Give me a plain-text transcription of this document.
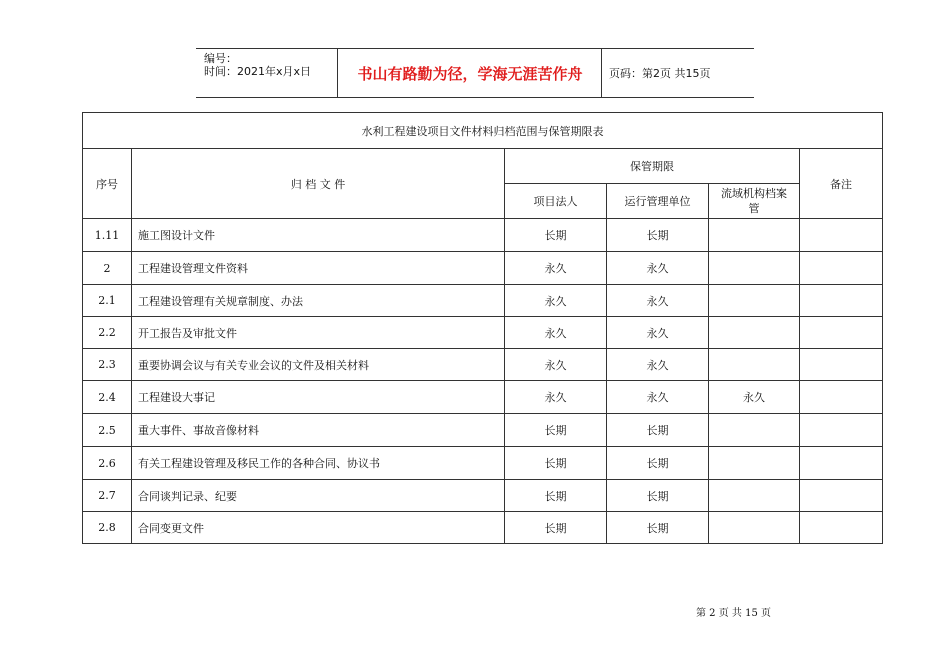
编号：
时间：2021年x月x日	书山有路勤为径，学海无涯苦作舟	页码：第2页 共15页
水利工程建设项目文件材料归档范围与保管期限表					
序号	归 档 文 件	保管期限			备注
		项目法人	运行管理单位	流域机构档案管	
1.11	施工图设计文件	长期	长期		
2	工程建设管理文件资料	永久	永久		
2.1	工程建设管理有关规章制度、办法	永久	永久		
2.2	开工报告及审批文件	永久	永久		
2.3	重要协调会议与有关专业会议的文件及相关材料	永久	永久		
2.4	工程建设大事记	永久	永久	永久	
2.5	重大事件、事故音像材料	长期	长期		
2.6	有关工程建设管理及移民工作的各种合同、协议书	长期	长期		
2.7	合同谈判记录、纪要	长期	长期		
2.8	合同变更文件	长期	长期		
第 2 页 共 15 页
